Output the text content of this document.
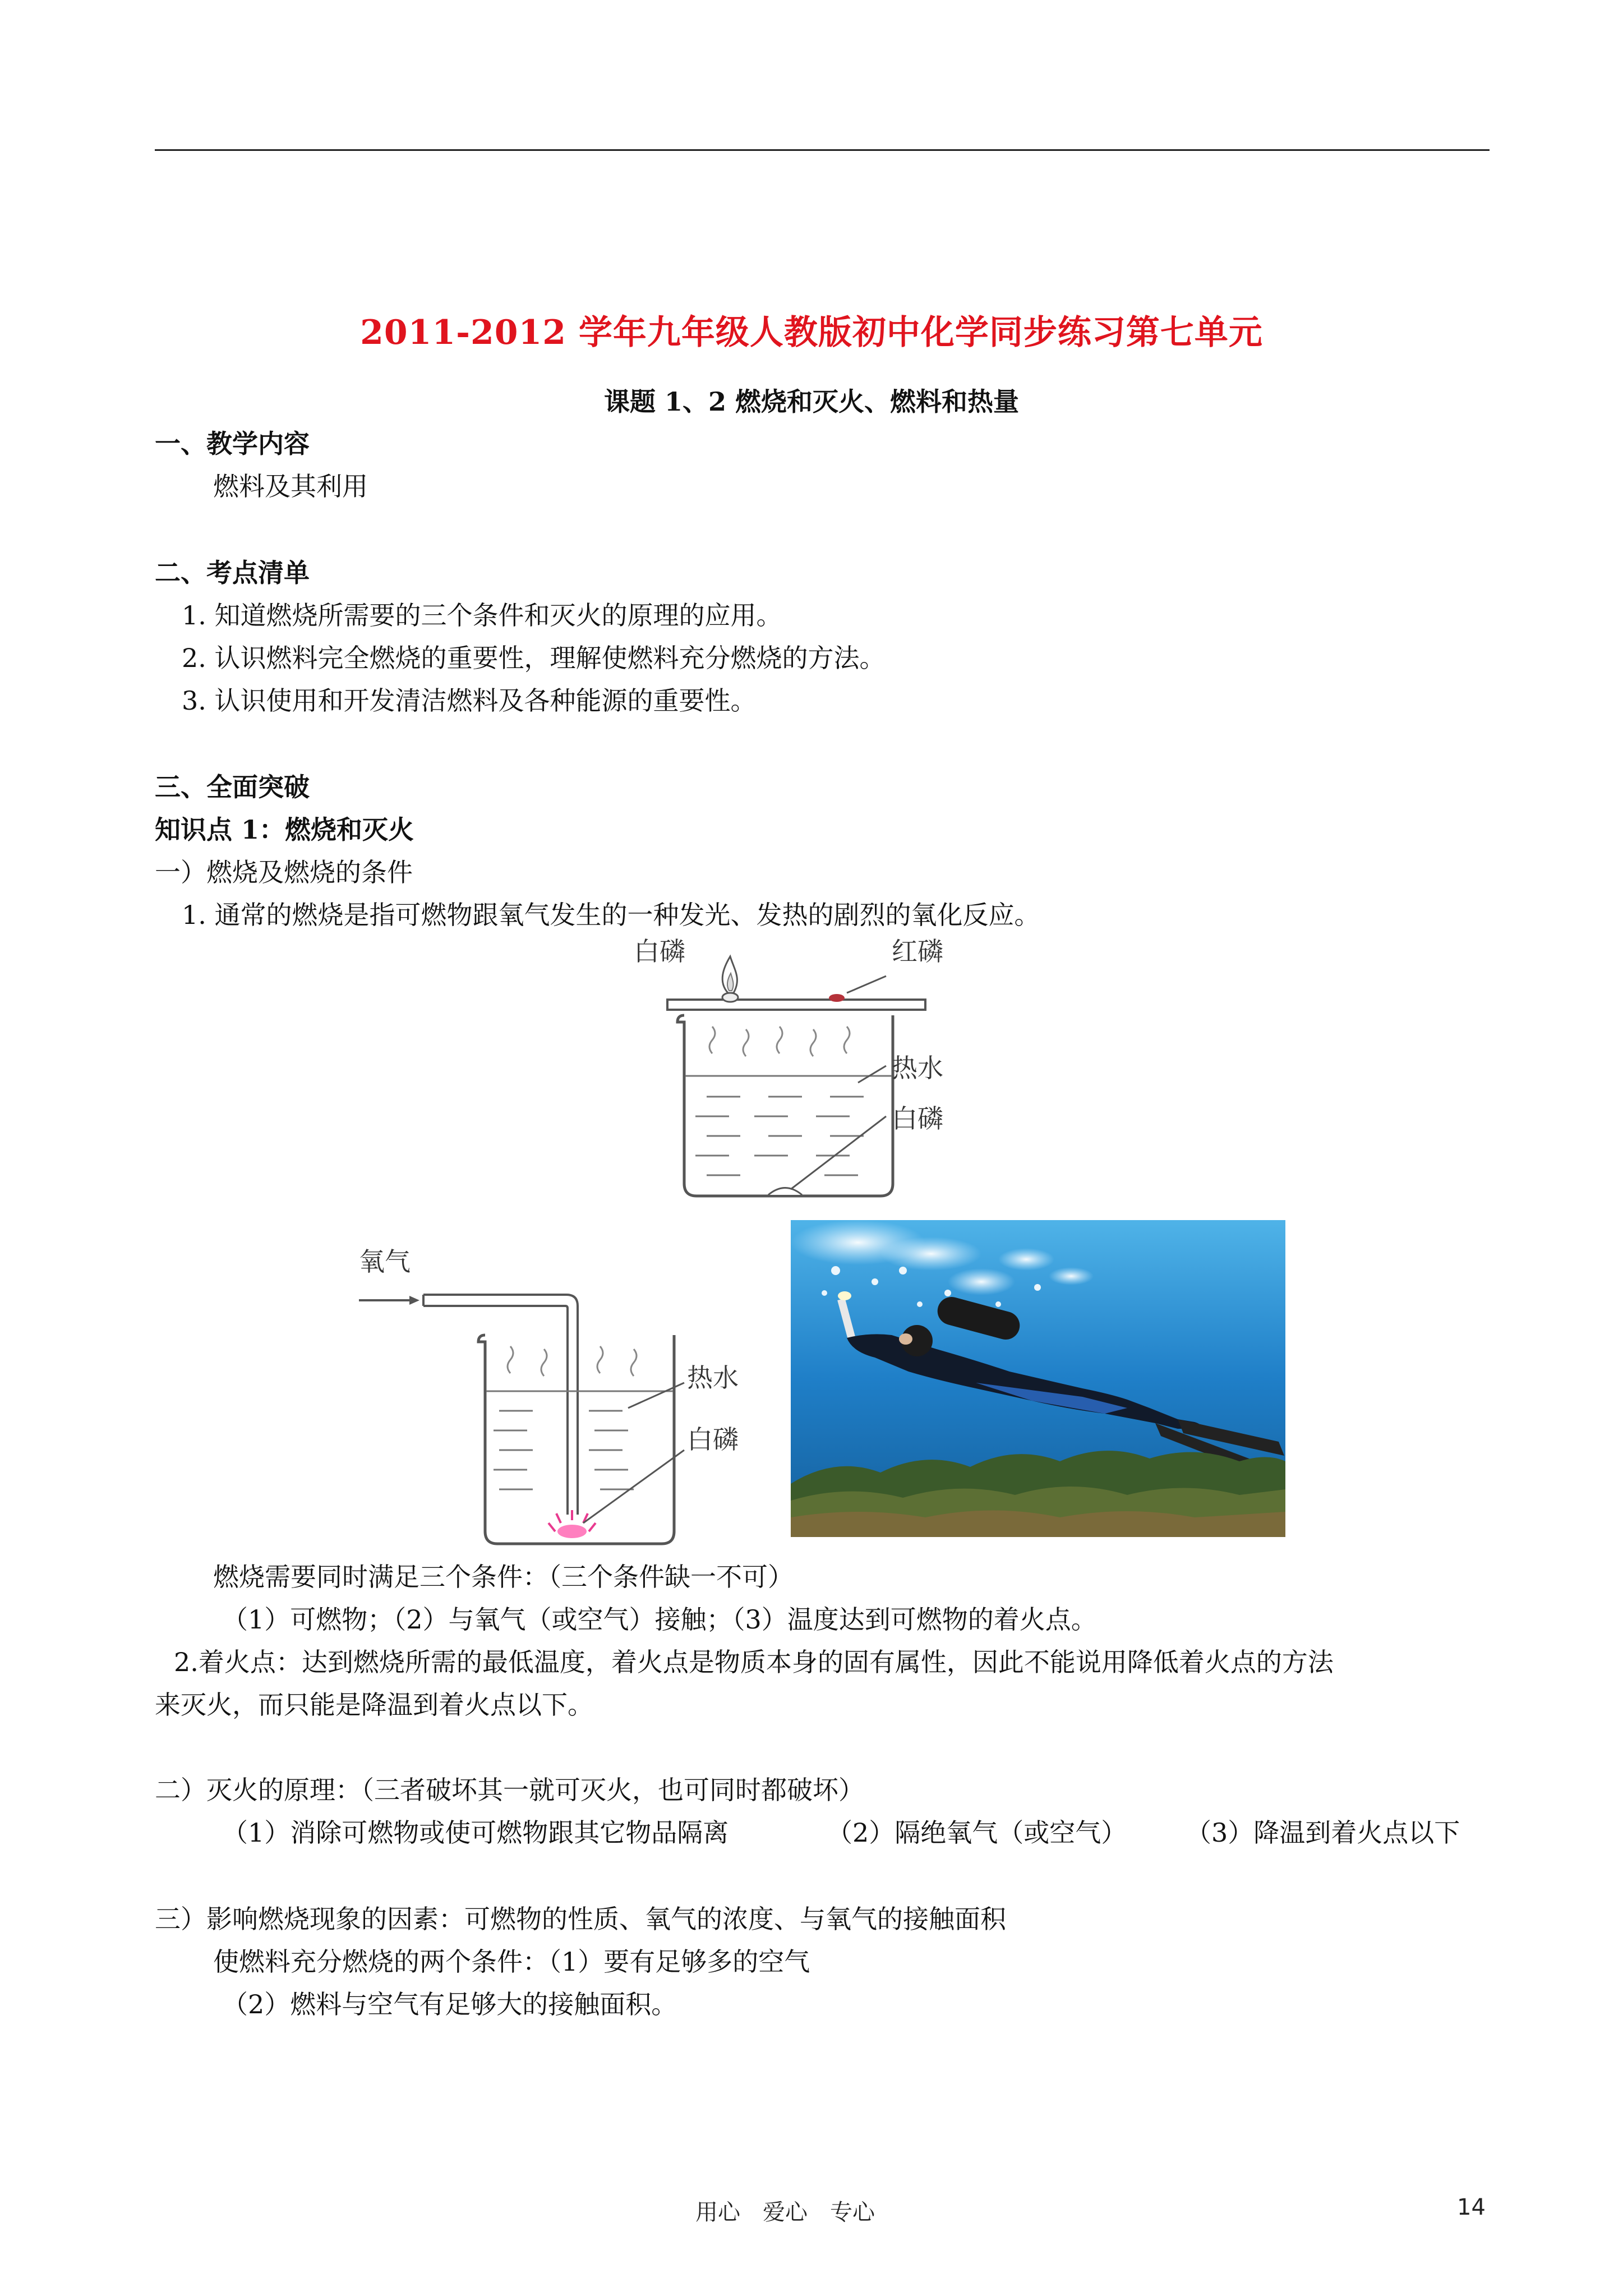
2011-2012 学年九年级人教版初中化学同步练习第七单元
课题 1、2 燃烧和灭火、燃料和热量
一、教学内容
燃料及其利用
二、考点清单
1. 知道燃烧所需要的三个条件和灭火的原理的应用。
2. 认识燃料完全燃烧的重要性，理解使燃料充分燃烧的方法。
3. 认识使用和开发清洁燃料及各种能源的重要性。
三、全面突破
知识点 1：燃烧和灭火
一）燃烧及燃烧的条件
1. 通常的燃烧是指可燃物跟氧气发生的一种发光、发热的剧烈的氧化反应。
白磷	红磷
热水
白磷
氧气
热水
白磷
燃烧需要同时满足三个条件：（三个条件缺一不可）
（1）可燃物；（2）与氧气（或空气）接触；（3）温度达到可燃物的着火点。
2.着火点：达到燃烧所需的最低温度，着火点是物质本身的固有属性，因此不能说用降低着火点的方法
来灭火，而只能是降温到着火点以下。
二）灭火的原理：（三者破坏其一就可灭火，也可同时都破坏）
（1）消除可燃物或使可燃物跟其它物品隔离	（2）隔绝氧气（或空气） （3）降温到着火点以下
三）影响燃烧现象的因素：可燃物的性质、氧气的浓度、与氧气的接触面积
使燃料充分燃烧的两个条件：（1）要有足够多的空气
（2）燃料与空气有足够大的接触面积。
用心　爱心　专心	14
